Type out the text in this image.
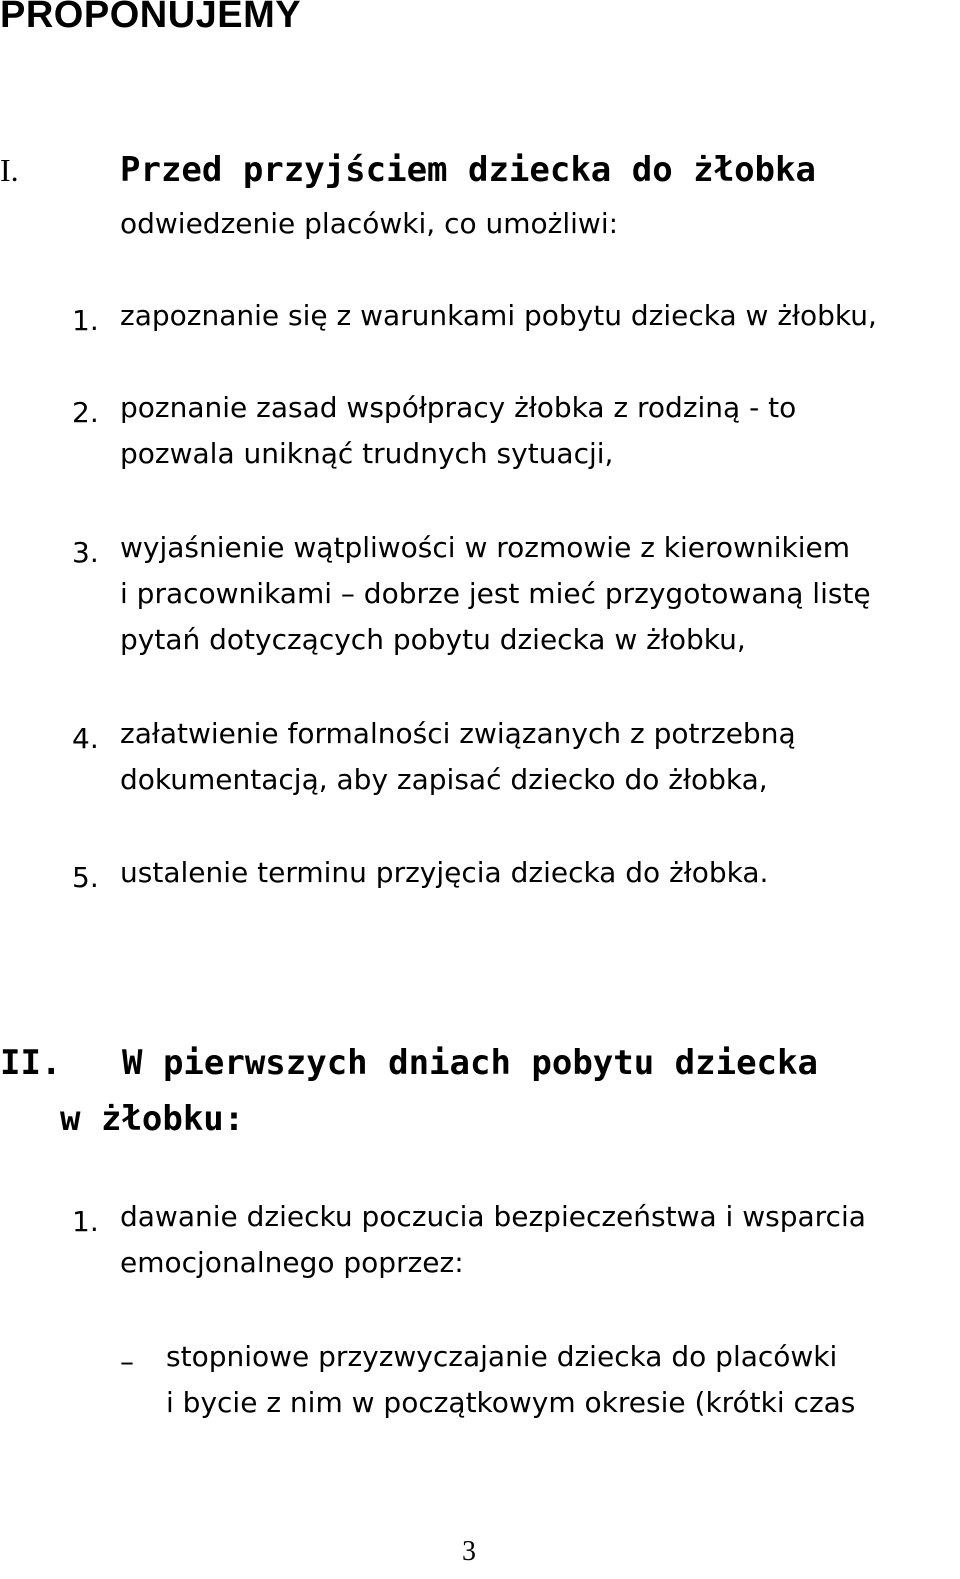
PROPONUJEMY
I.	Przed przyjściem dziecka do żłobka
odwiedzenie placówki, co umożliwi:
1. zapoznanie się z warunkami pobytu dziecka w żłobku,
2. poznanie zasad współpracy żłobka z rodziną - to
pozwala uniknąć trudnych sytuacji,
3. wyjaśnienie wątpliwości w rozmowie z kierownikiem
i pracownikami – dobrze jest mieć przygotowaną listę
pytań dotyczących pobytu dziecka w żłobku,
4. załatwienie formalności związanych z potrzebną
dokumentacją, aby zapisać dziecko do żłobka,
5. ustalenie terminu przyjęcia dziecka do żłobka.
II. W pierwszych dniach pobytu dziecka
w żłobku:
1. dawanie dziecku poczucia bezpieczeństwa i wsparcia
emocjonalnego poprzez:
– stopniowe przyzwyczajanie dziecka do placówki
i bycie z nim w początkowym okresie (krótki czas
3
